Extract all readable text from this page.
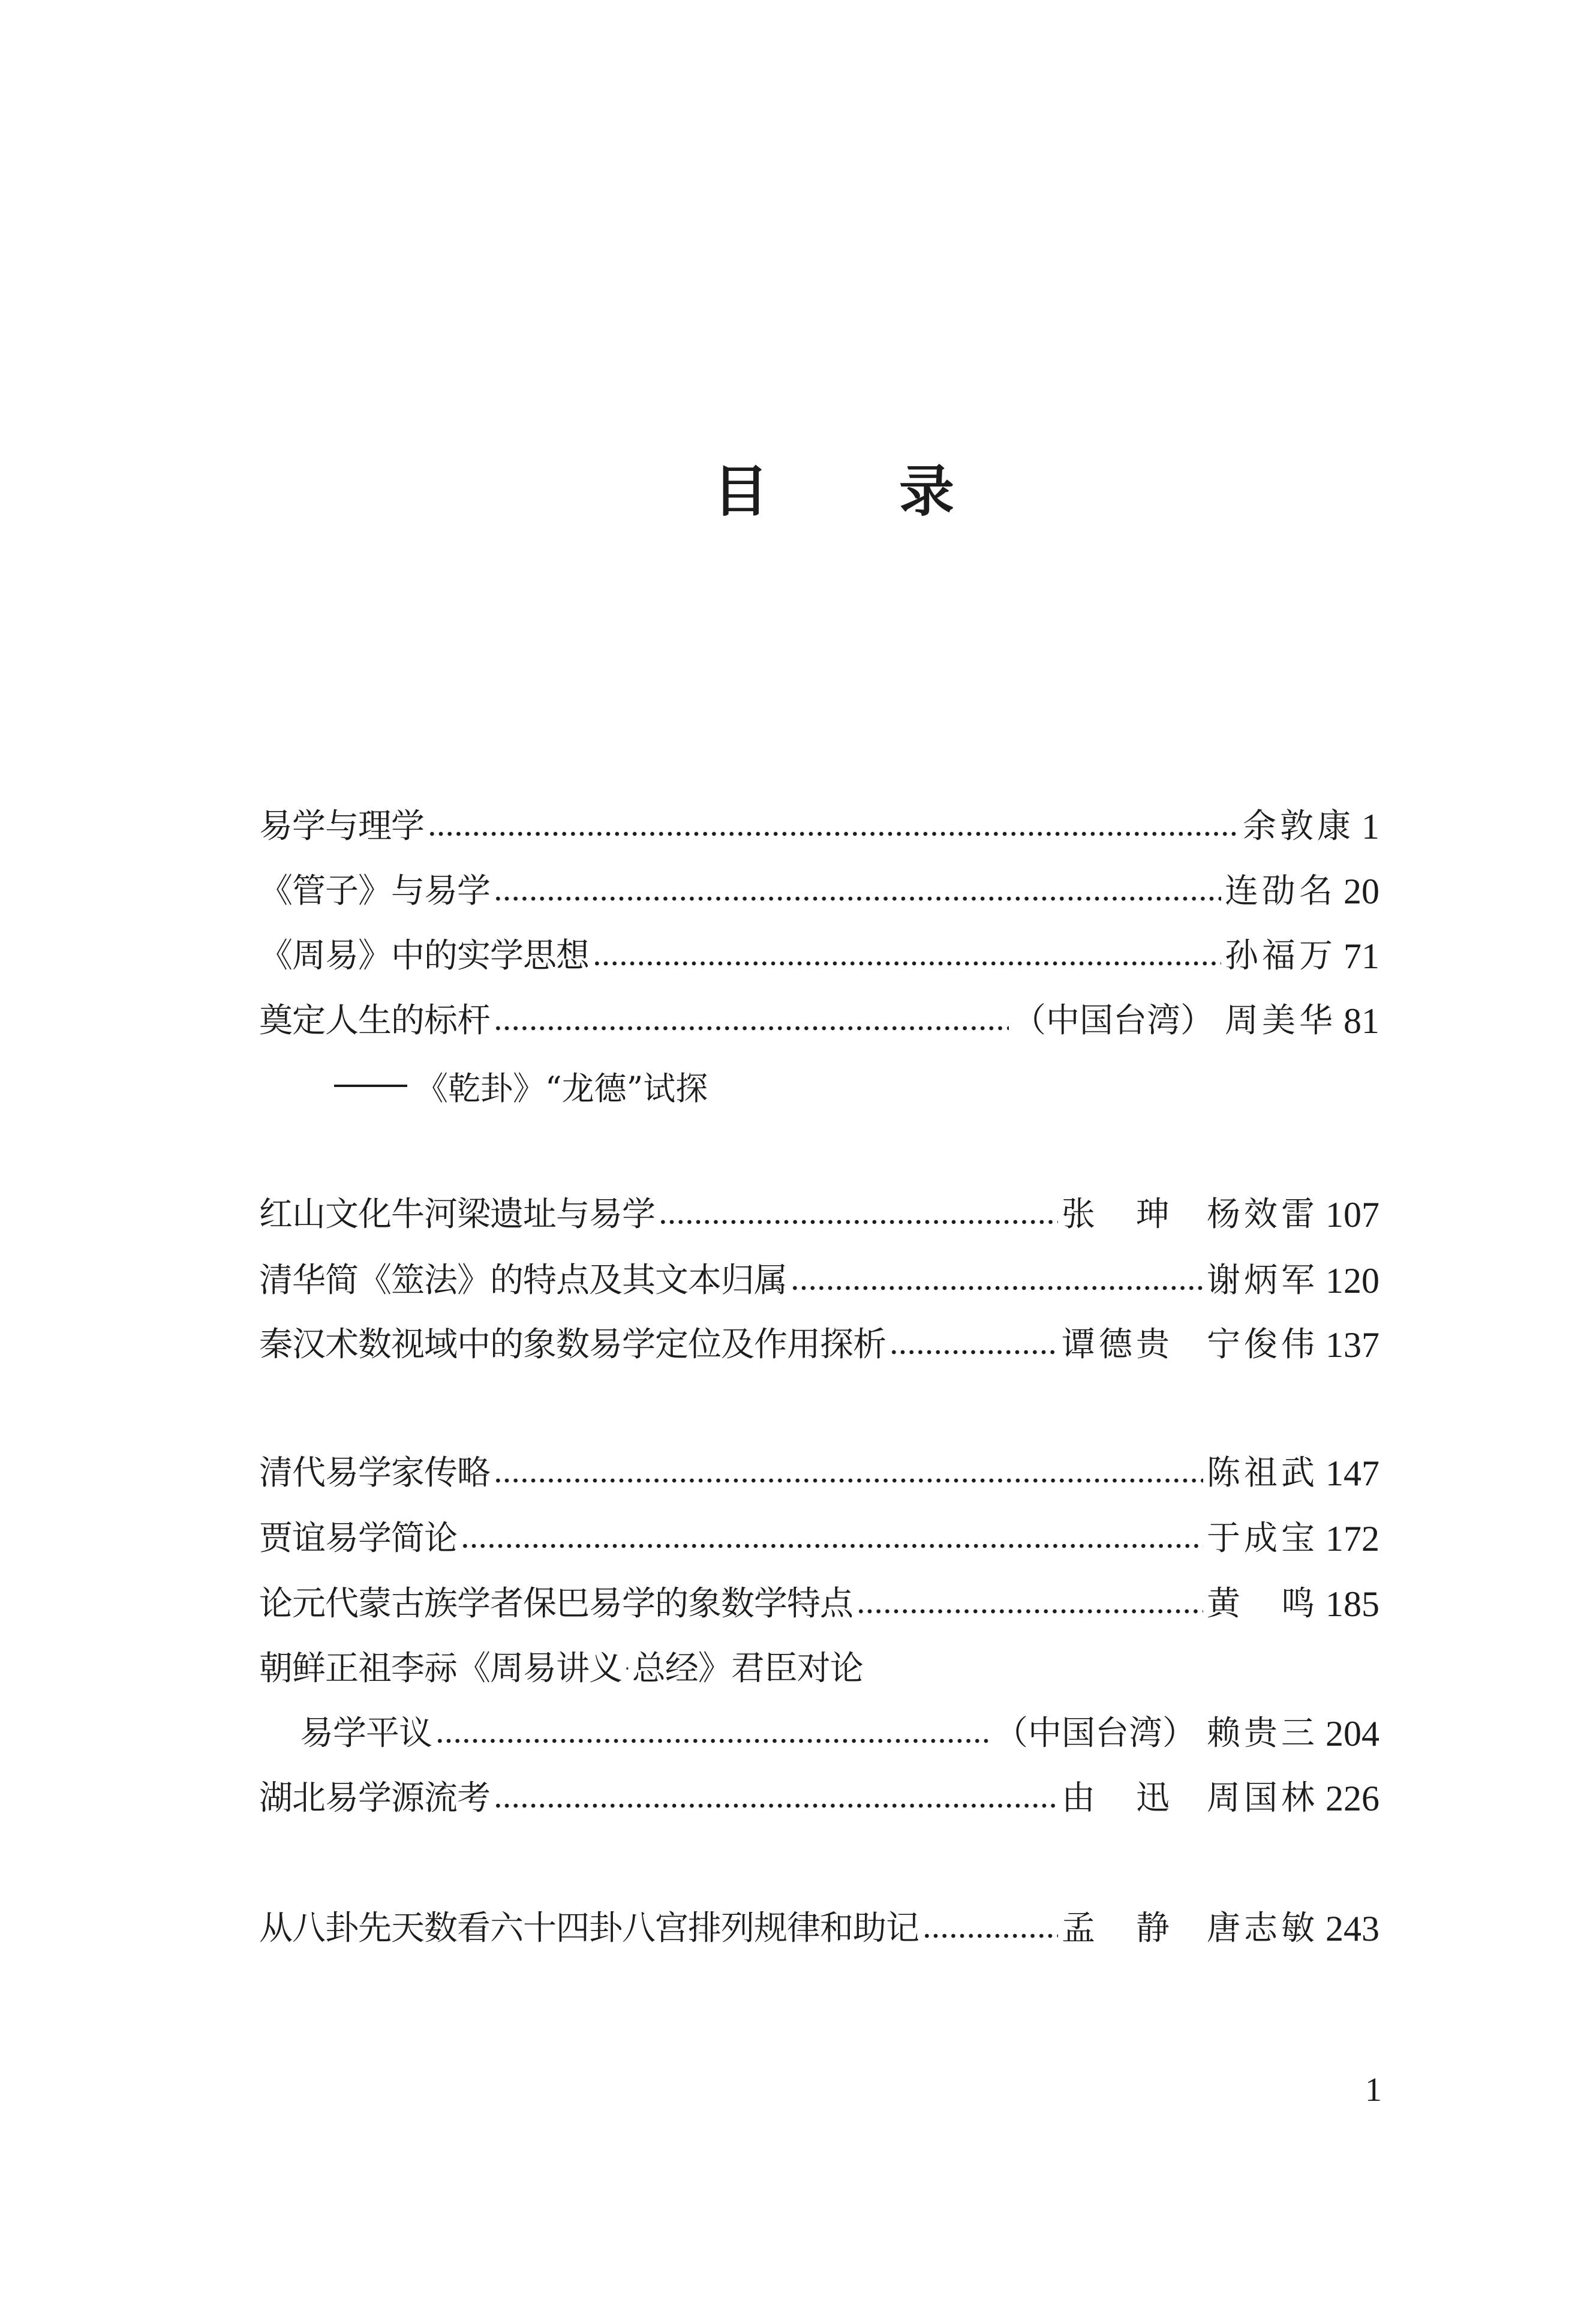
目 录
易学与理学	余敦康 1
《管子》与易学	连劭名 20
《周易》中的实学思想	孙福万 71
奠定人生的标杆	（中国台湾） 周美华 81
《乾卦》“龙德”试探
红山文化牛河梁遗址与易学	张　珅 杨效雷 107
清华简《筮法》的特点及其文本归属	谢炳军 120
秦汉术数视域中的象数易学定位及作用探析	谭德贵 宁俊伟 137
清代易学家传略	陈祖武 147
贾谊易学简论	于成宝 172
论元代蒙古族学者保巴易学的象数学特点	黄　鸣 185
朝鲜正祖李祘《周易讲义·总经》君臣对论
易学平议	（中国台湾） 赖贵三 204
湖北易学源流考	由　迅 周国林 226
从八卦先天数看六十四卦八宫排列规律和助记	孟　静 唐志敏 243
1
